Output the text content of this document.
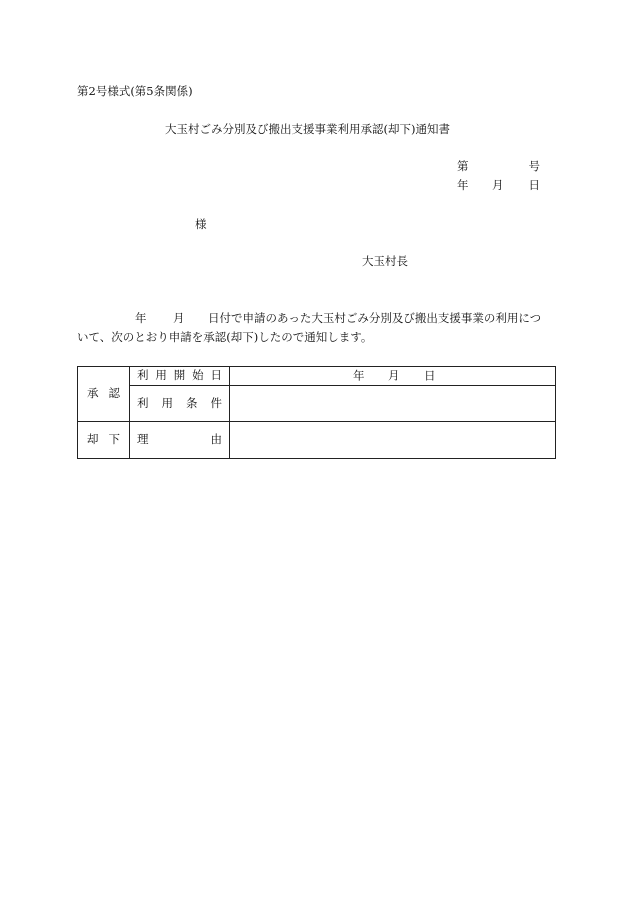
第2号様式(第5条関係)
大玉村ごみ分別及び搬出支援事業利用承認(却下)通知書
第	号
年 月 日
様
大玉村長
年 月 日付で申請のあった大玉村ごみ分別及び搬出支援事業の利用につ
いて、次のとおり申請を承認(却下)したので通知します。
承 認	利 用 開 始 日	年 月 日

	利 用 条 件	

却 下	理 由	
